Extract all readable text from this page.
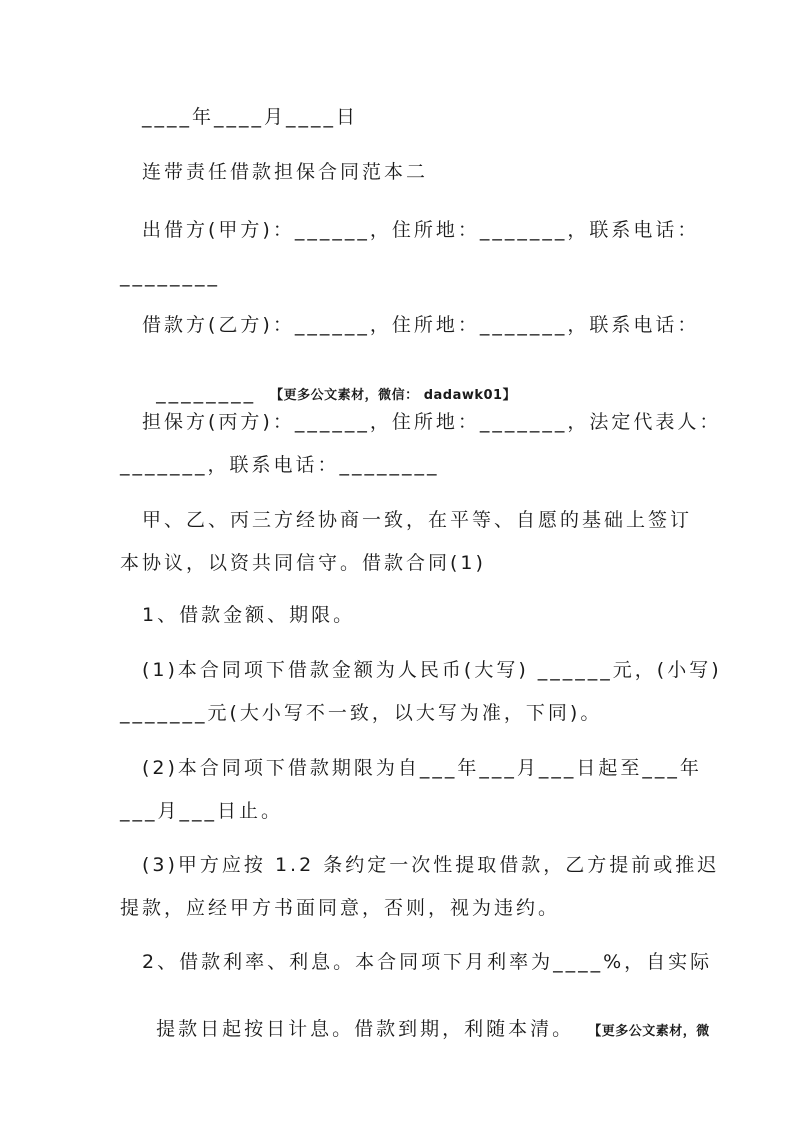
____年____月____日
连带责任借款担保合同范本二
出借方(甲方)：______，住所地：_______，联系电话：
________
借款方(乙方)：______，住所地：_______，联系电话：

________ 【更多公文素材，微信： dadawk01】

担保方(丙方)：______，住所地：_______，法定代表人：
_______，联系电话：________
甲、乙、丙三方经协商一致，在平等、自愿的基础上签订
本协议，以资共同信守。借款合同(1)
1、借款金额、期限。
(1)本合同项下借款金额为人民币(大写) ______元，(小写)
_______元(大小写不一致，以大写为准，下同)。
(2)本合同项下借款期限为自___年___月___日起至___年
___月___日止。
(3)甲方应按 1.2 条约定一次性提取借款，乙方提前或推迟
提款，应经甲方书面同意，否则，视为违约。
2、借款利率、利息。本合同项下月利率为____%，自实际

提款日起按日计息。借款到期，利随本清。 【更多公文素材，微
